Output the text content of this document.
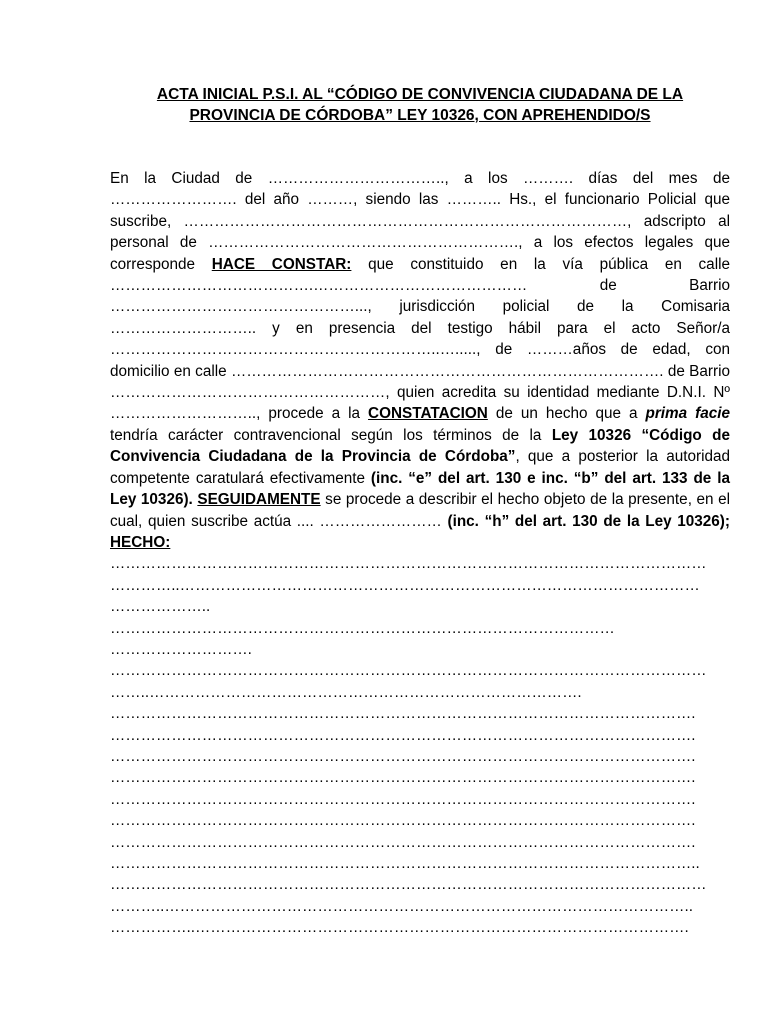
ACTA INICIAL P.S.I. AL “CÓDIGO DE CONVIVENCIA CIUDADANA DE LA
PROVINCIA DE CÓRDOBA” LEY 10326, CON APREHENDIDO/S

En la Ciudad de …………………………….., a los ………. días del mes de ……………………. del año ………, siendo las ……….. Hs., el funcionario Policial que suscribe, ……………………………………………………………………………, adscripto al personal de ……………………………………………………., a los efectos legales que corresponde HACE CONSTAR: que constituido en la vía pública en calle ………………………………….…………………………………… de Barrio …………………………………………..., jurisdicción policial de la Comisaria ……………………….. y en presencia del testigo hábil para el acto Señor/a ………………………………………………………..…....., de ………años de edad, con domicilio en calle …………………………………………………………………………. de Barrio ………………………………………………, quien acredita su identidad mediante D.N.I. Nº ……………………….., procede a la CONSTATACION de un hecho que a prima facie tendría carácter contravencional según los términos de la Ley 10326 “Código de Convivencia Ciudadana de la Provincia de Córdoba”, que a posterior la autoridad competente caratulará efectivamente (inc. “e” del art. 130 e inc. “b” del art. 133 de la Ley 10326). SEGUIDAMENTE se procede a describir el hecho objeto de la presente, en el cual, quien suscribe actúa .... …………………… (inc. “h” del art. 130 de la Ley 10326); HECHO:

………………………………………………………………………………………………………
…………..…………………………………………………………………………………………
………………..
………………………………………………………………………………………
……………………….
………………………………………………………………………………………………………
……..………………………………………………………………………….
…………………………………………………………………………………………………….
…………………………………………………………………………………………………….
…………………………………………………………………………………………………….
…………………………………………………………………………………………………….
…………………………………………………………………………………………………….
…………………………………………………………………………………………………….
…………………………………………………………………………………………………….
……………………………………………………………………………………………………..
………………………………………………………………………………………………………
………..…………………………………………………………………………………………..
……………..…………………………………………………………………………………….
